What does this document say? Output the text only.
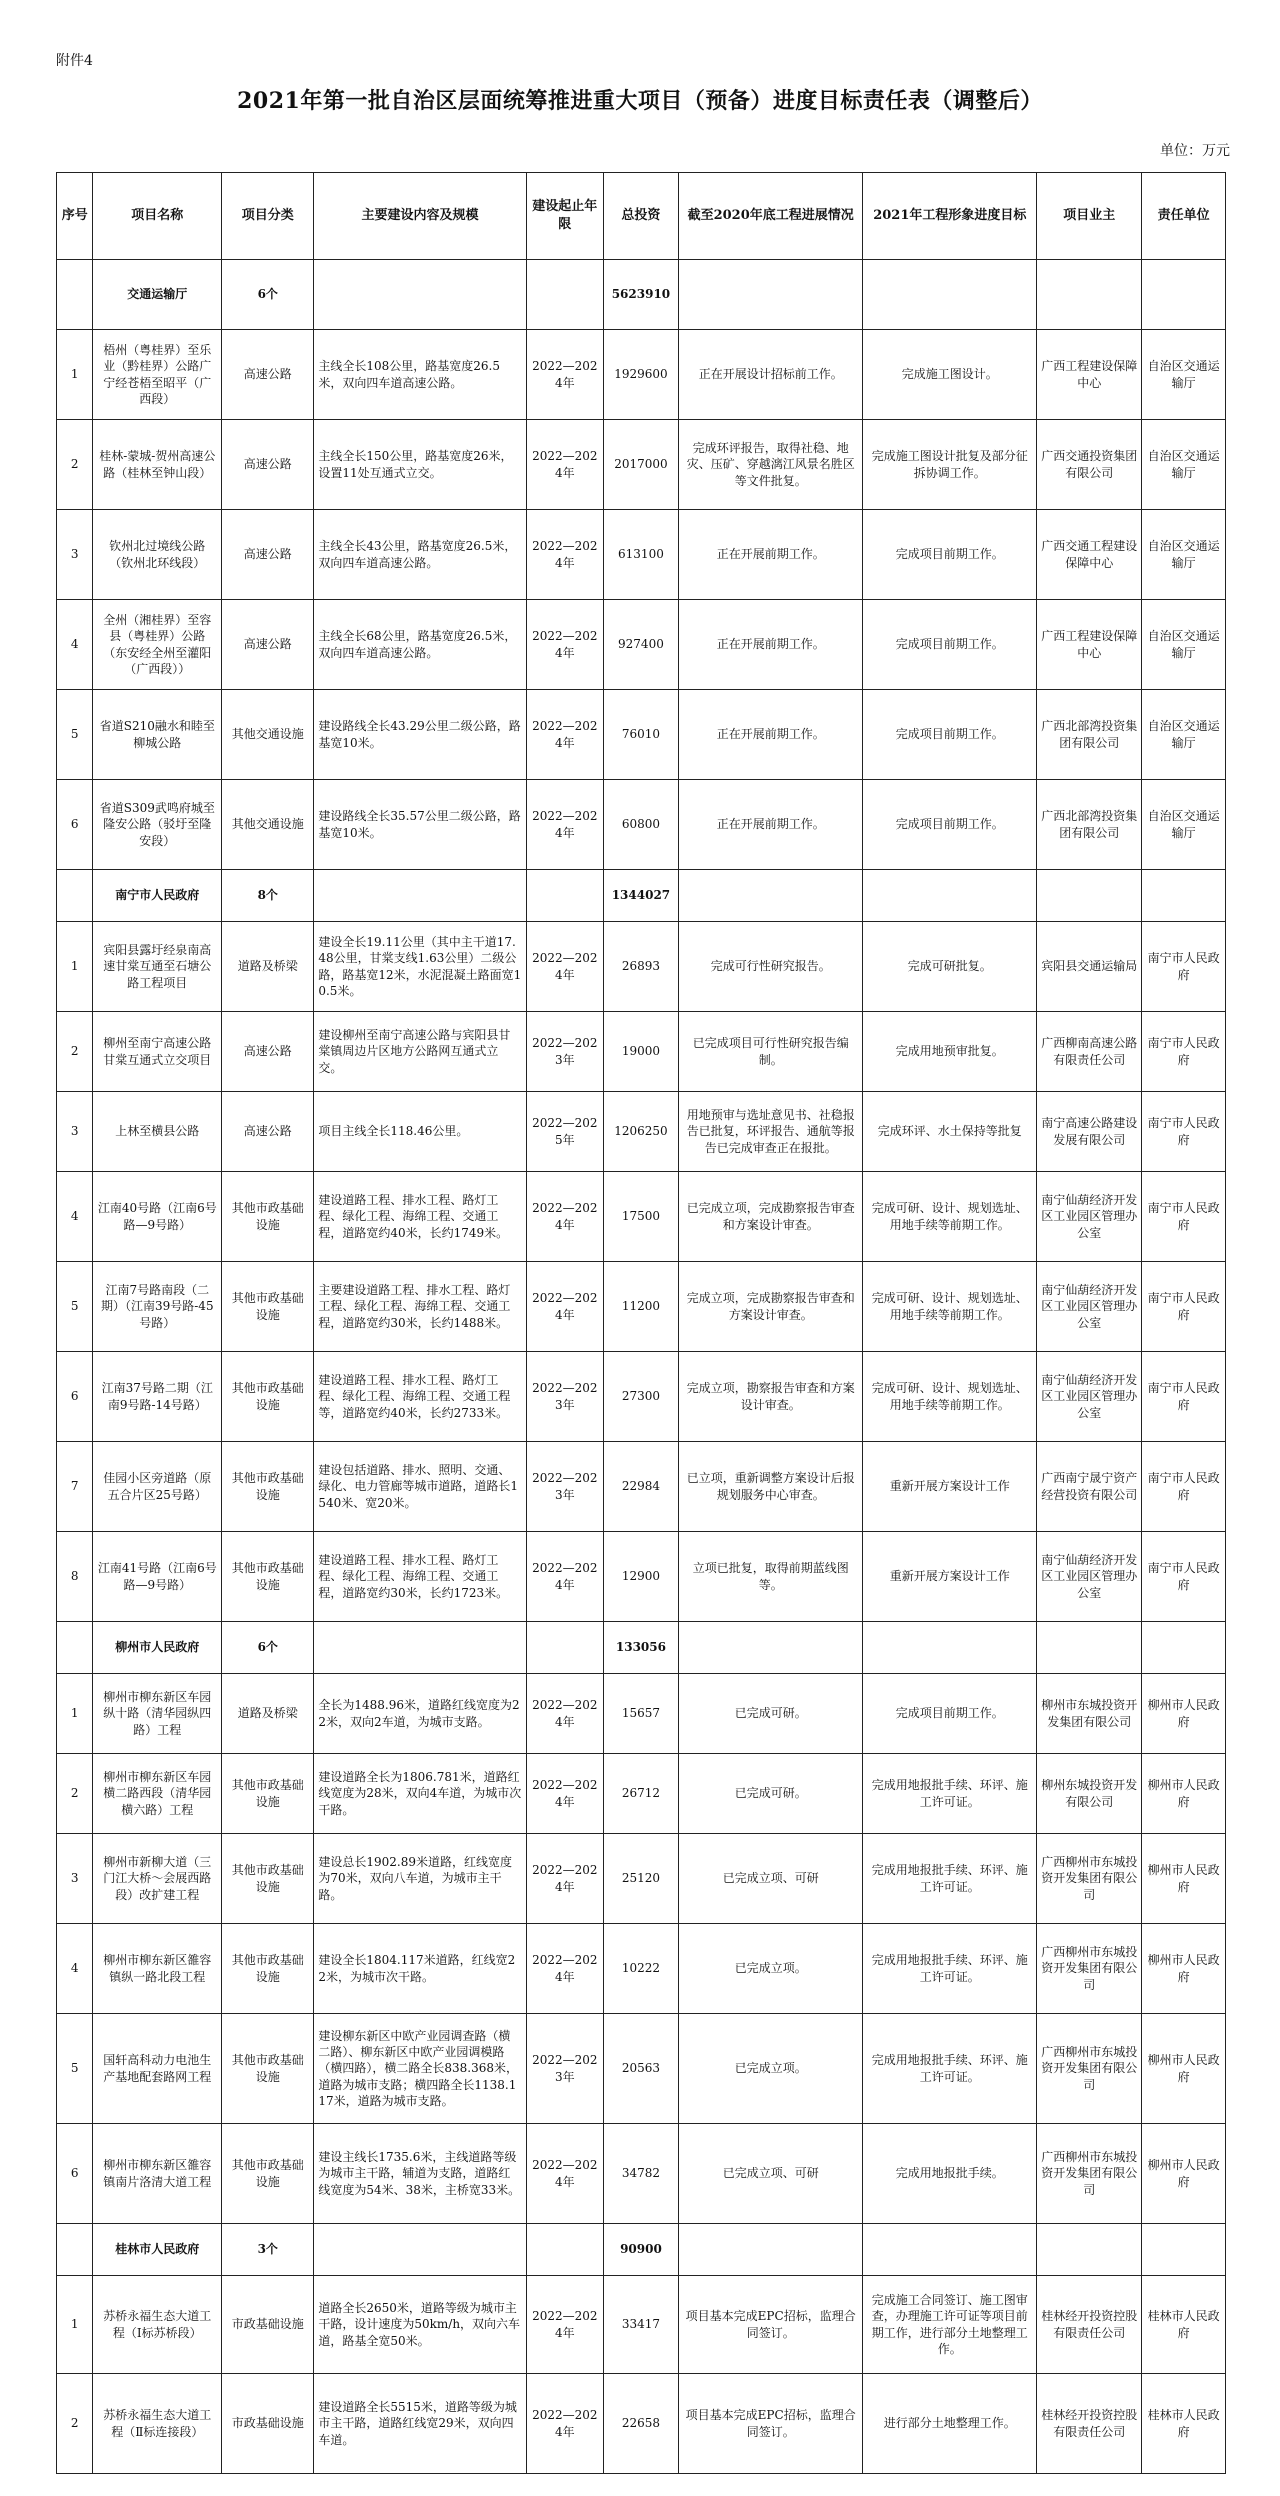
附件4
2021年第一批自治区层面统筹推进重大项目（预备）进度目标责任表（调整后）
单位：万元
序号	项目名称	项目分类	主要建设内容及规模	建设起止年限	总投资	截至2020年底工程进展情况	2021年工程形象进度目标	项目业主	责任单位
	交通运输厅	6个			5623910				
1	梧州（粤桂界）至乐业（黔桂界）公路广宁经苍梧至昭平（广西段）	高速公路	主线全长108公里，路基宽度26.5米，双向四车道高速公路。	2022—2024年	1929600	正在开展设计招标前工作。	完成施工图设计。	广西工程建设保障中心	自治区交通运输厅
2	桂林-蒙城-贺州高速公路（桂林至钟山段）	高速公路	主线全长150公里，路基宽度26米，设置11处互通式立交。	2022—2024年	2017000	完成环评报告，取得社稳、地灾、压矿、穿越漓江风景名胜区等文件批复。	完成施工图设计批复及部分征拆协调工作。	广西交通投资集团有限公司	自治区交通运输厅
3	钦州北过境线公路（钦州北环线段）	高速公路	主线全长43公里，路基宽度26.5米，双向四车道高速公路。	2022—2024年	613100	正在开展前期工作。	完成项目前期工作。	广西交通工程建设保障中心	自治区交通运输厅
4	全州（湘桂界）至容县（粤桂界）公路（东安经全州至灌阳（广西段））	高速公路	主线全长68公里，路基宽度26.5米，双向四车道高速公路。	2022—2024年	927400	正在开展前期工作。	完成项目前期工作。	广西工程建设保障中心	自治区交通运输厅
5	省道S210融水和睦至柳城公路	其他交通设施	建设路线全长43.29公里二级公路，路基宽10米。	2022—2024年	76010	正在开展前期工作。	完成项目前期工作。	广西北部湾投资集团有限公司	自治区交通运输厅
6	省道S309武鸣府城至隆安公路（驳圩至隆安段）	其他交通设施	建设路线全长35.57公里二级公路，路基宽10米。	2022—2024年	60800	正在开展前期工作。	完成项目前期工作。	广西北部湾投资集团有限公司	自治区交通运输厅
	南宁市人民政府	8个			1344027				
1	宾阳县露圩经泉南高速甘棠互通至石塘公路工程项目	道路及桥梁	建设全长19.11公里（其中主干道17.48公里，甘棠支线1.63公里）二级公路，路基宽12米，水泥混凝土路面宽10.5米。	2022—2024年	26893	完成可行性研究报告。	完成可研批复。	宾阳县交通运输局	南宁市人民政府
2	柳州至南宁高速公路甘棠互通式立交项目	高速公路	建设柳州至南宁高速公路与宾阳县甘棠镇周边片区地方公路网互通式立交。	2022—2023年	19000	已完成项目可行性研究报告编制。	完成用地预审批复。	广西柳南高速公路有限责任公司	南宁市人民政府
3	上林至横县公路	高速公路	项目主线全长118.46公里。	2022—2025年	1206250	用地预审与选址意见书、社稳报告已批复，环评报告、通航等报告已完成审查正在报批。	完成环评、水土保持等批复	南宁高速公路建设发展有限公司	南宁市人民政府
4	江南40号路（江南6号路—9号路）	其他市政基础设施	建设道路工程、排水工程、路灯工程、绿化工程、海绵工程、交通工程，道路宽约40米，长约1749米。	2022—2024年	17500	已完成立项，完成勘察报告审查和方案设计审查。	完成可研、设计、规划选址、用地手续等前期工作。	南宁仙葫经济开发区工业园区管理办公室	南宁市人民政府
5	江南7号路南段（二期）（江南39号路-45号路）	其他市政基础设施	主要建设道路工程、排水工程、路灯工程、绿化工程、海绵工程、交通工程，道路宽约30米，长约1488米。	2022—2024年	11200	完成立项，完成勘察报告审查和方案设计审查。	完成可研、设计、规划选址、用地手续等前期工作。	南宁仙葫经济开发区工业园区管理办公室	南宁市人民政府
6	江南37号路二期（江南9号路-14号路）	其他市政基础设施	建设道路工程、排水工程、路灯工程、绿化工程、海绵工程、交通工程等，道路宽约40米，长约2733米。	2022—2023年	27300	完成立项，勘察报告审查和方案设计审查。	完成可研、设计、规划选址、用地手续等前期工作。	南宁仙葫经济开发区工业园区管理办公室	南宁市人民政府
7	佳园小区旁道路（原五合片区25号路）	其他市政基础设施	建设包括道路、排水、照明、交通、绿化、电力管廊等城市道路，道路长1540米、宽20米。	2022—2023年	22984	已立项，重新调整方案设计后报规划服务中心审查。	重新开展方案设计工作	广西南宁晟宁资产经营投资有限公司	南宁市人民政府
8	江南41号路（江南6号路—9号路）	其他市政基础设施	建设道路工程、排水工程、路灯工程、绿化工程、海绵工程、交通工程，道路宽约30米，长约1723米。	2022—2024年	12900	立项已批复，取得前期蓝线图等。	重新开展方案设计工作	南宁仙葫经济开发区工业园区管理办公室	南宁市人民政府
	柳州市人民政府	6个			133056				
1	柳州市柳东新区车园纵十路（清华园纵四路）工程	道路及桥梁	全长为1488.96米，道路红线宽度为22米，双向2车道，为城市支路。	2022—2024年	15657	已完成可研。	完成项目前期工作。	柳州市东城投资开发集团有限公司	柳州市人民政府
2	柳州市柳东新区车园横二路西段（清华园横六路）工程	其他市政基础设施	建设道路全长为1806.781米，道路红线宽度为28米，双向4车道，为城市次干路。	2022—2024年	26712	已完成可研。	完成用地报批手续、环评、施工许可证。	柳州东城投资开发有限公司	柳州市人民政府
3	柳州市新柳大道（三门江大桥～会展西路段）改扩建工程	其他市政基础设施	建设总长1902.89米道路，红线宽度为70米，双向八车道，为城市主干路。	2022—2024年	25120	已完成立项、可研	完成用地报批手续、环评、施工许可证。	广西柳州市东城投资开发集团有限公司	柳州市人民政府
4	柳州市柳东新区雒容镇纵一路北段工程	其他市政基础设施	建设全长1804.117米道路，红线宽22米，为城市次干路。	2022—2024年	10222	已完成立项。	完成用地报批手续、环评、施工许可证。	广西柳州市东城投资开发集团有限公司	柳州市人民政府
5	国轩高科动力电池生产基地配套路网工程	其他市政基础设施	建设柳东新区中欧产业园调查路（横二路）、柳东新区中欧产业园调模路（横四路），横二路全长838.368米，道路为城市支路；横四路全长1138.117米，道路为城市支路。	2022—2023年	20563	已完成立项。	完成用地报批手续、环评、施工许可证。	广西柳州市东城投资开发集团有限公司	柳州市人民政府
6	柳州市柳东新区雒容镇南片洛清大道工程	其他市政基础设施	建设主线长1735.6米，主线道路等级为城市主干路，辅道为支路，道路红线宽度为54米、38米，主桥宽33米。	2022—2024年	34782	已完成立项、可研	完成用地报批手续。	广西柳州市东城投资开发集团有限公司	柳州市人民政府
	桂林市人民政府	3个			90900				
1	苏桥永福生态大道工程（Ⅰ标苏桥段）	市政基础设施	道路全长2650米，道路等级为城市主干路，设计速度为50km/h，双向六车道，路基全宽50米。	2022—2024年	33417	项目基本完成EPC招标，监理合同签订。	完成施工合同签订、施工图审查，办理施工许可证等项目前期工作，进行部分土地整理工作。	桂林经开投资控股有限责任公司	桂林市人民政府
2	苏桥永福生态大道工程（Ⅱ标连接段）	市政基础设施	建设道路全长5515米，道路等级为城市主干路，道路红线宽29米，双向四车道。	2022—2024年	22658	项目基本完成EPC招标，监理合同签订。	进行部分土地整理工作。	桂林经开投资控股有限责任公司	桂林市人民政府
